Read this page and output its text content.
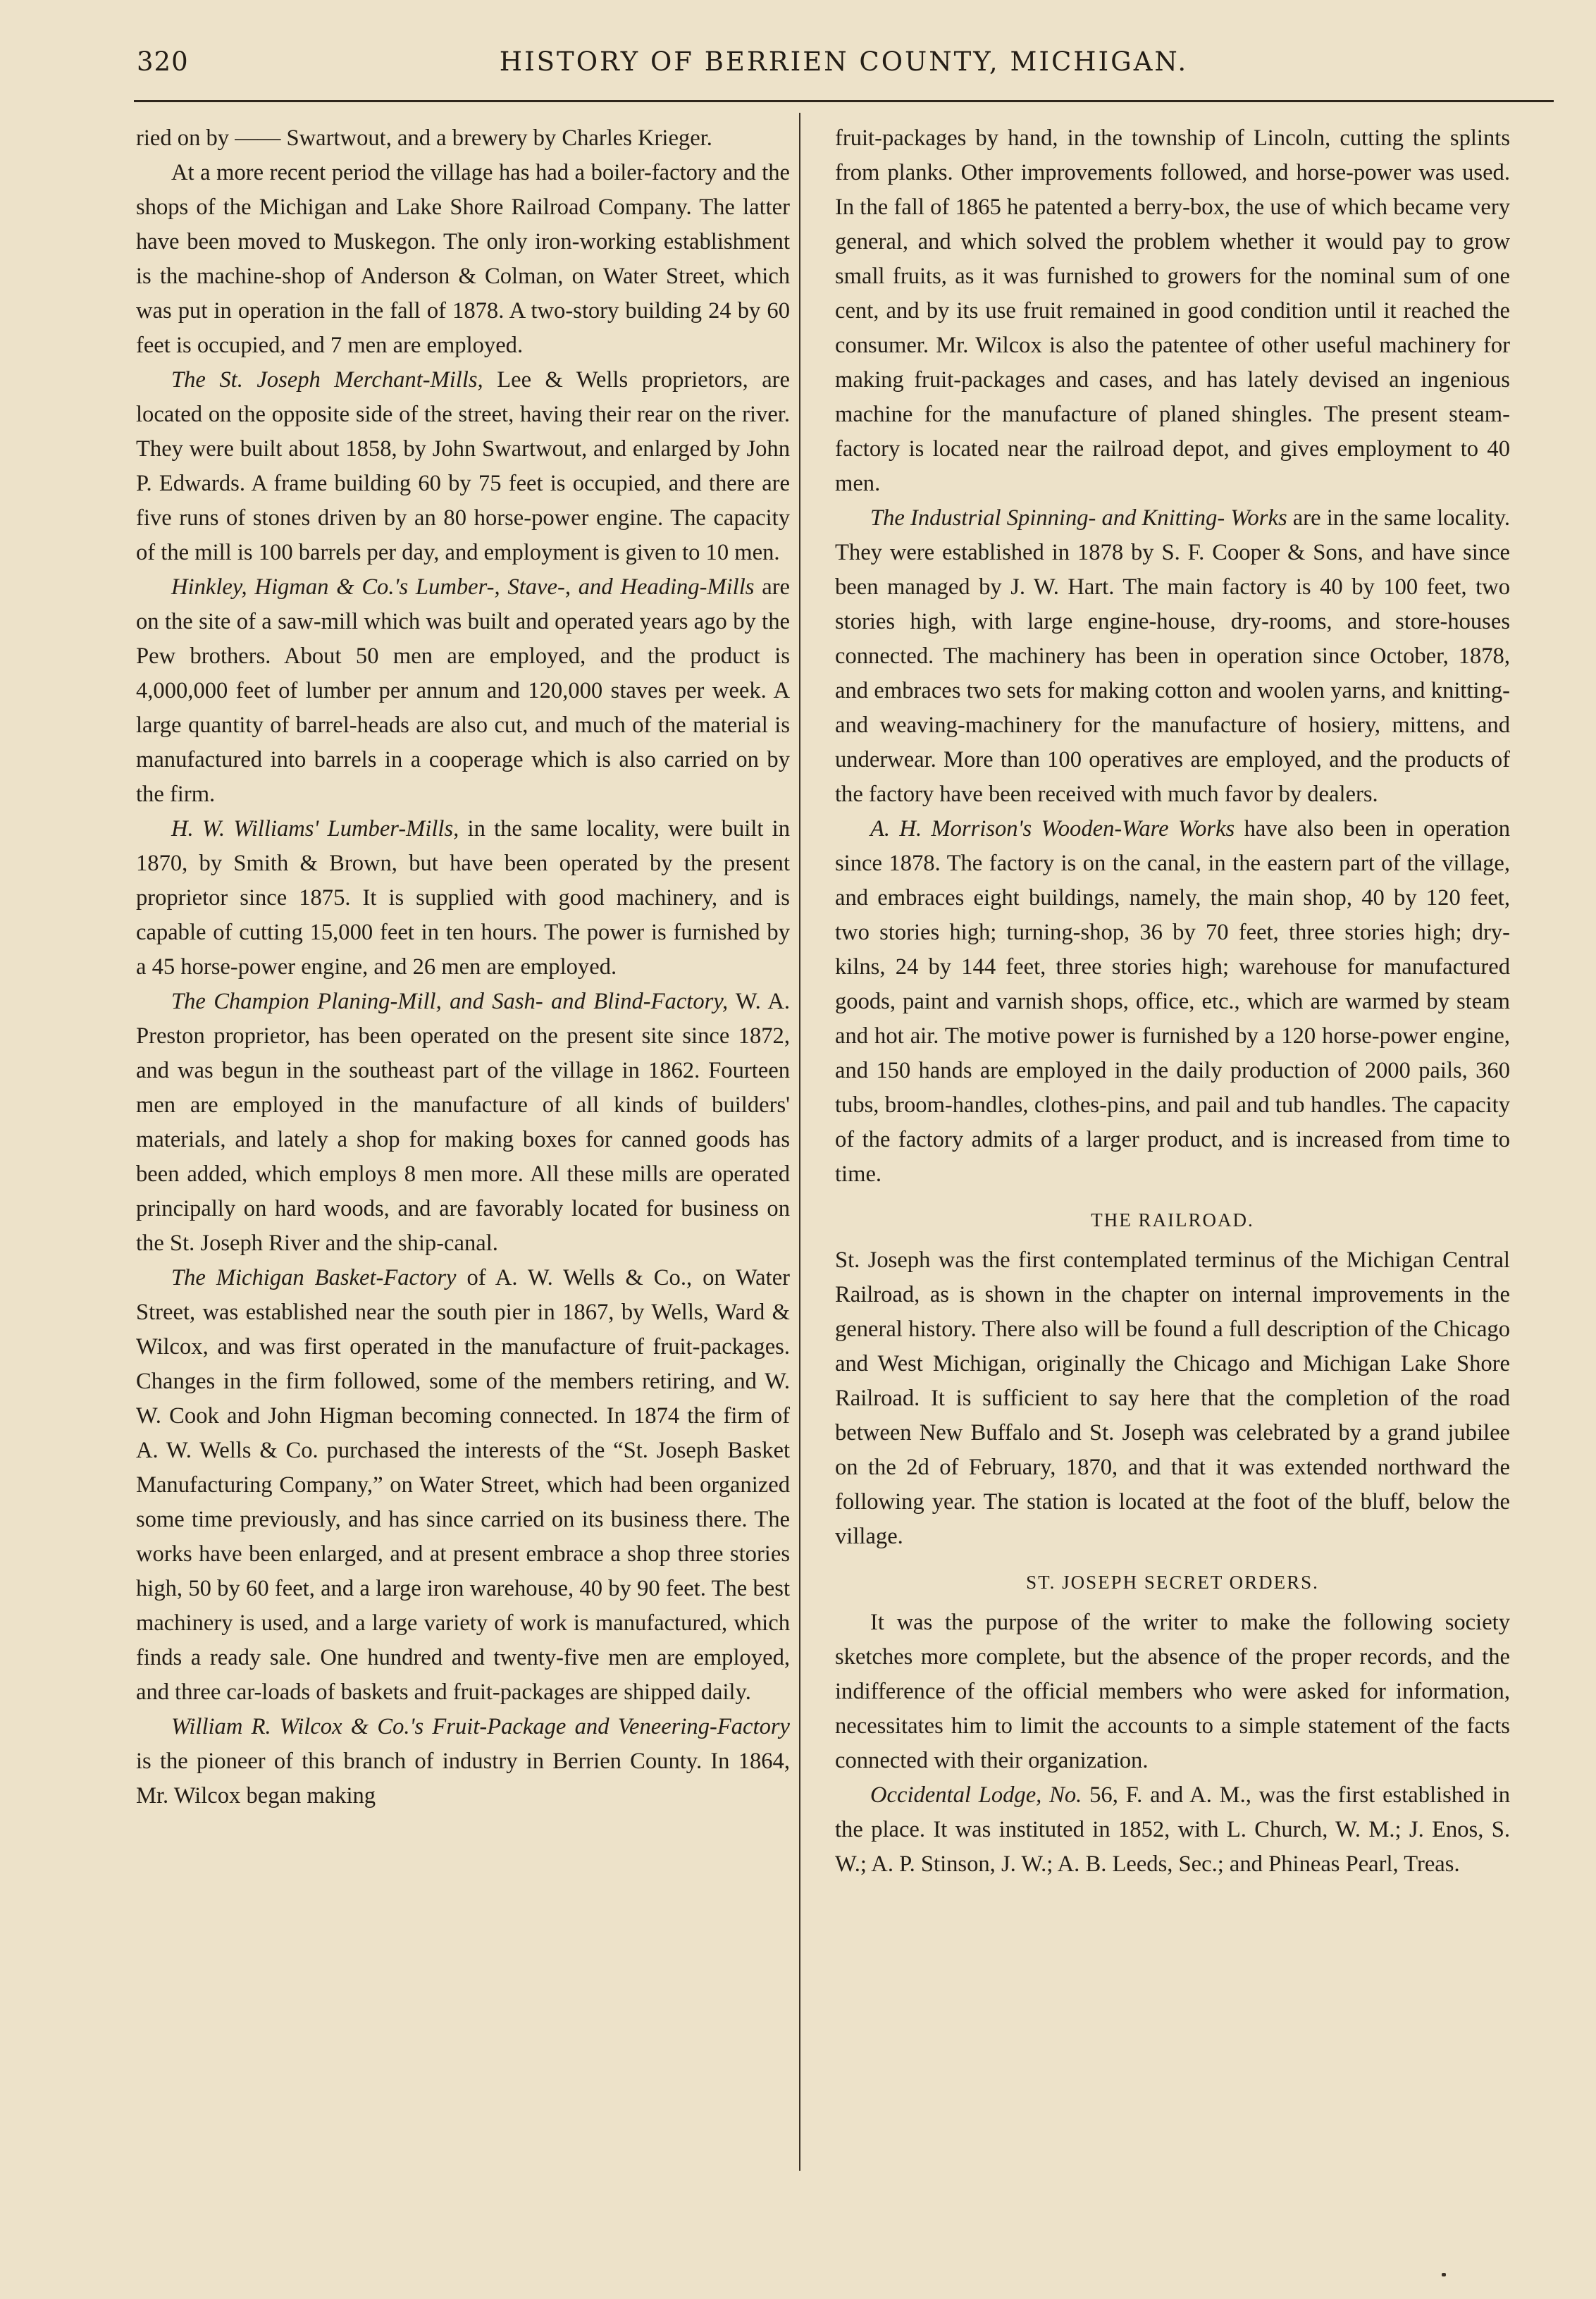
320	HISTORY OF BERRIEN COUNTY, MICHIGAN.

ried on by —— Swartwout, and a brewery by Charles Krieger.

At a more recent period the village has had a boiler-factory and the shops of the Michigan and Lake Shore Railroad Company. The latter have been moved to Muskegon. The only iron-working establishment is the machine-shop of Anderson & Colman, on Water Street, which was put in operation in the fall of 1878. A two-story building 24 by 60 feet is occupied, and 7 men are employed.

The St. Joseph Merchant-Mills, Lee & Wells proprietors, are located on the opposite side of the street, having their rear on the river. They were built about 1858, by John Swartwout, and enlarged by John P. Edwards. A frame building 60 by 75 feet is occupied, and there are five runs of stones driven by an 80 horse-power engine. The capacity of the mill is 100 barrels per day, and employment is given to 10 men.

Hinkley, Higman & Co.'s Lumber-, Stave-, and Heading-Mills are on the site of a saw-mill which was built and operated years ago by the Pew brothers. About 50 men are employed, and the product is 4,000,000 feet of lumber per annum and 120,000 staves per week. A large quantity of barrel-heads are also cut, and much of the material is manufactured into barrels in a cooperage which is also carried on by the firm.

H. W. Williams' Lumber-Mills, in the same locality, were built in 1870, by Smith & Brown, but have been operated by the present proprietor since 1875. It is supplied with good machinery, and is capable of cutting 15,000 feet in ten hours. The power is furnished by a 45 horse-power engine, and 26 men are employed.

The Champion Planing-Mill, and Sash- and Blind-Factory, W. A. Preston proprietor, has been operated on the present site since 1872, and was begun in the southeast part of the village in 1862. Fourteen men are employed in the manufacture of all kinds of builders' materials, and lately a shop for making boxes for canned goods has been added, which employs 8 men more. All these mills are operated principally on hard woods, and are favorably located for business on the St. Joseph River and the ship-canal.

The Michigan Basket-Factory of A. W. Wells & Co., on Water Street, was established near the south pier in 1867, by Wells, Ward & Wilcox, and was first operated in the manufacture of fruit-packages. Changes in the firm followed, some of the members retiring, and W. W. Cook and John Higman becoming connected. In 1874 the firm of A. W. Wells & Co. purchased the interests of the “St. Joseph Basket Manufacturing Company,” on Water Street, which had been organized some time previously, and has since carried on its business there. The works have been enlarged, and at present embrace a shop three stories high, 50 by 60 feet, and a large iron warehouse, 40 by 90 feet. The best machinery is used, and a large variety of work is manufactured, which finds a ready sale. One hundred and twenty-five men are employed, and three car-loads of baskets and fruit-packages are shipped daily.

William R. Wilcox & Co.'s Fruit-Package and Veneering-Factory is the pioneer of this branch of industry in Berrien County. In 1864, Mr. Wilcox began making

fruit-packages by hand, in the township of Lincoln, cutting the splints from planks. Other improvements followed, and horse-power was used. In the fall of 1865 he patented a berry-box, the use of which became very general, and which solved the problem whether it would pay to grow small fruits, as it was furnished to growers for the nominal sum of one cent, and by its use fruit remained in good condition until it reached the consumer. Mr. Wilcox is also the patentee of other useful machinery for making fruit-packages and cases, and has lately devised an ingenious machine for the manufacture of planed shingles. The present steam-factory is located near the railroad depot, and gives employment to 40 men.

The Industrial Spinning- and Knitting- Works are in the same locality. They were established in 1878 by S. F. Cooper & Sons, and have since been managed by J. W. Hart. The main factory is 40 by 100 feet, two stories high, with large engine-house, dry-rooms, and store-houses connected. The machinery has been in operation since October, 1878, and embraces two sets for making cotton and woolen yarns, and knitting- and weaving-machinery for the manufacture of hosiery, mittens, and underwear. More than 100 operatives are employed, and the products of the factory have been received with much favor by dealers.

A. H. Morrison's Wooden-Ware Works have also been in operation since 1878. The factory is on the canal, in the eastern part of the village, and embraces eight buildings, namely, the main shop, 40 by 120 feet, two stories high; turning-shop, 36 by 70 feet, three stories high; dry-kilns, 24 by 144 feet, three stories high; warehouse for manufactured goods, paint and varnish shops, office, etc., which are warmed by steam and hot air. The motive power is furnished by a 120 horse-power engine, and 150 hands are employed in the daily production of 2000 pails, 360 tubs, broom-handles, clothes-pins, and pail and tub handles. The capacity of the factory admits of a larger product, and is increased from time to time.

THE RAILROAD.

St. Joseph was the first contemplated terminus of the Michigan Central Railroad, as is shown in the chapter on internal improvements in the general history. There also will be found a full description of the Chicago and West Michigan, originally the Chicago and Michigan Lake Shore Railroad. It is sufficient to say here that the completion of the road between New Buffalo and St. Joseph was celebrated by a grand jubilee on the 2d of February, 1870, and that it was extended northward the following year. The station is located at the foot of the bluff, below the village.

ST. JOSEPH SECRET ORDERS.

It was the purpose of the writer to make the following society sketches more complete, but the absence of the proper records, and the indifference of the official members who were asked for information, necessitates him to limit the accounts to a simple statement of the facts connected with their organization.

Occidental Lodge, No. 56, F. and A. M., was the first established in the place. It was instituted in 1852, with L. Church, W. M.; J. Enos, S. W.; A. P. Stinson, J. W.; A. B. Leeds, Sec.; and Phineas Pearl, Treas.
